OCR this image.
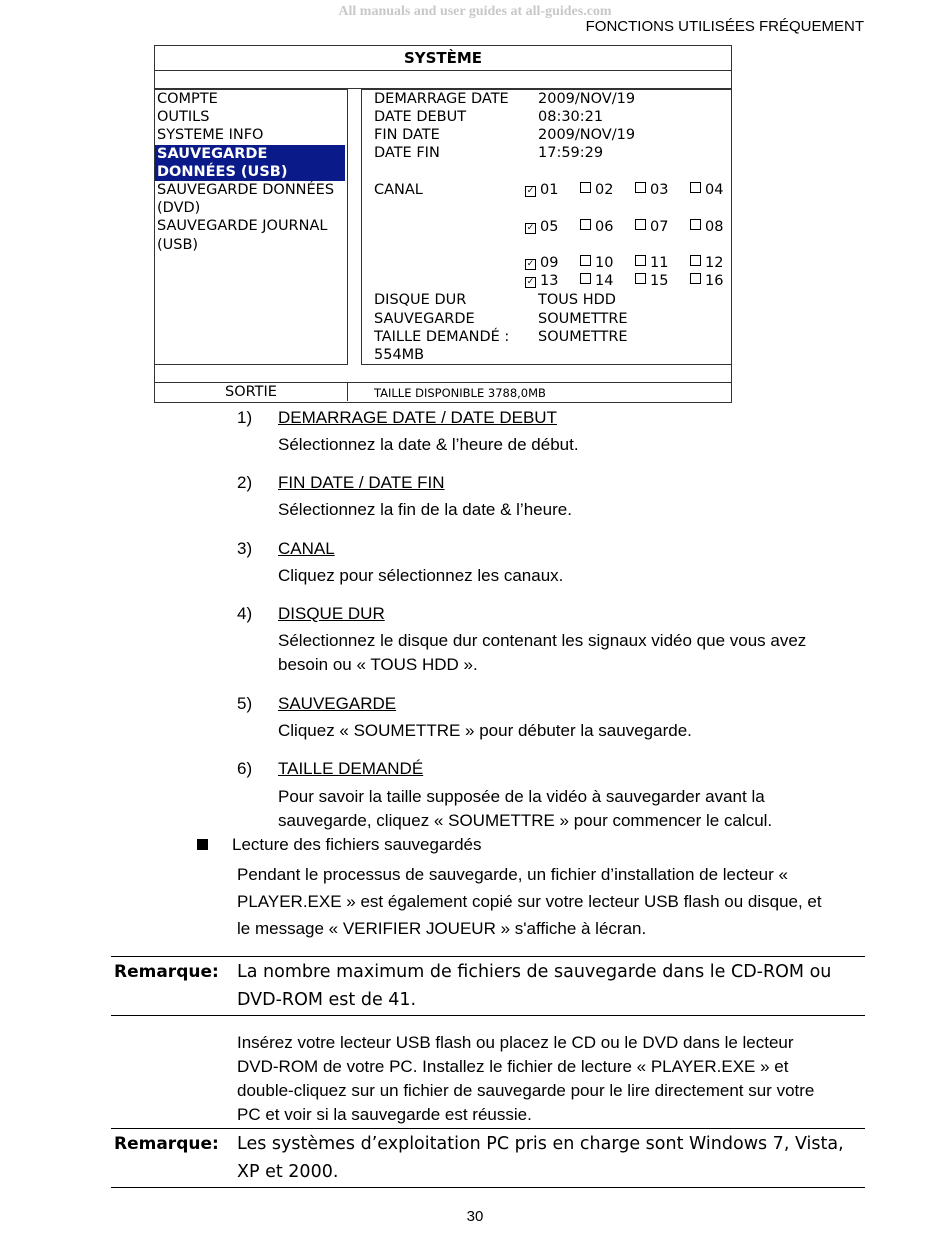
All manuals and user guides at all-guides.com
FONCTIONS UTILISÉES FRÉQUEMENT
SYSTÈME
COMPTE
OUTILS
SYSTEME INFO
SAUVEGARDE
DONNÉES (USB)
SAUVEGARDE DONNÉES
(DVD)
SAUVEGARDE JOURNAL
(USB)
DEMARRAGE DATE 2009/NOV/19
DATE DEBUT	08:30:21
FIN DATE	2009/NOV/19
DATE FIN	17:59:29
CANAL	✓ 01	02	03	04
✓ 05	06	07	08
✓ 09	10	11	12
✓ 13	14	15	16
DISQUE DUR	TOUS HDD
SAUVEGARDE	SOUMETTRE
TAILLE DEMANDÉ : SOUMETTRE
554MB
SORTIE	TAILLE DISPONIBLE 3788,0MB
1) DEMARRAGE DATE / DATE DEBUT
Sélectionnez la date & l’heure de début.
2) FIN DATE / DATE FIN
Sélectionnez la fin de la date & l’heure.
3) CANAL
Cliquez pour sélectionnez les canaux.
4) DISQUE DUR
Sélectionnez le disque dur contenant les signaux vidéo que vous avez
besoin ou « TOUS HDD ».
5) SAUVEGARDE
Cliquez « SOUMETTRE » pour débuter la sauvegarde.
6) TAILLE DEMANDÉ
Pour savoir la taille supposée de la vidéo à sauvegarder avant la
sauvegarde, cliquez « SOUMETTRE » pour commencer le calcul.
Lecture des fichiers sauvegardés
Pendant le processus de sauvegarde, un fichier d’installation de lecteur «
PLAYER.EXE » est également copié sur votre lecteur USB flash ou disque, et
le message « VERIFIER JOUEUR » s'affiche à lécran.
Remarque: La nombre maximum de fichiers de sauvegarde dans le CD-ROM ou
DVD-ROM est de 41.
Insérez votre lecteur USB flash ou placez le CD ou le DVD dans le lecteur
DVD-ROM de votre PC. Installez le fichier de lecture « PLAYER.EXE » et
double-cliquez sur un fichier de sauvegarde pour le lire directement sur votre
PC et voir si la sauvegarde est réussie.
Remarque: Les systèmes d’exploitation PC pris en charge sont Windows 7, Vista,
XP et 2000.
30
